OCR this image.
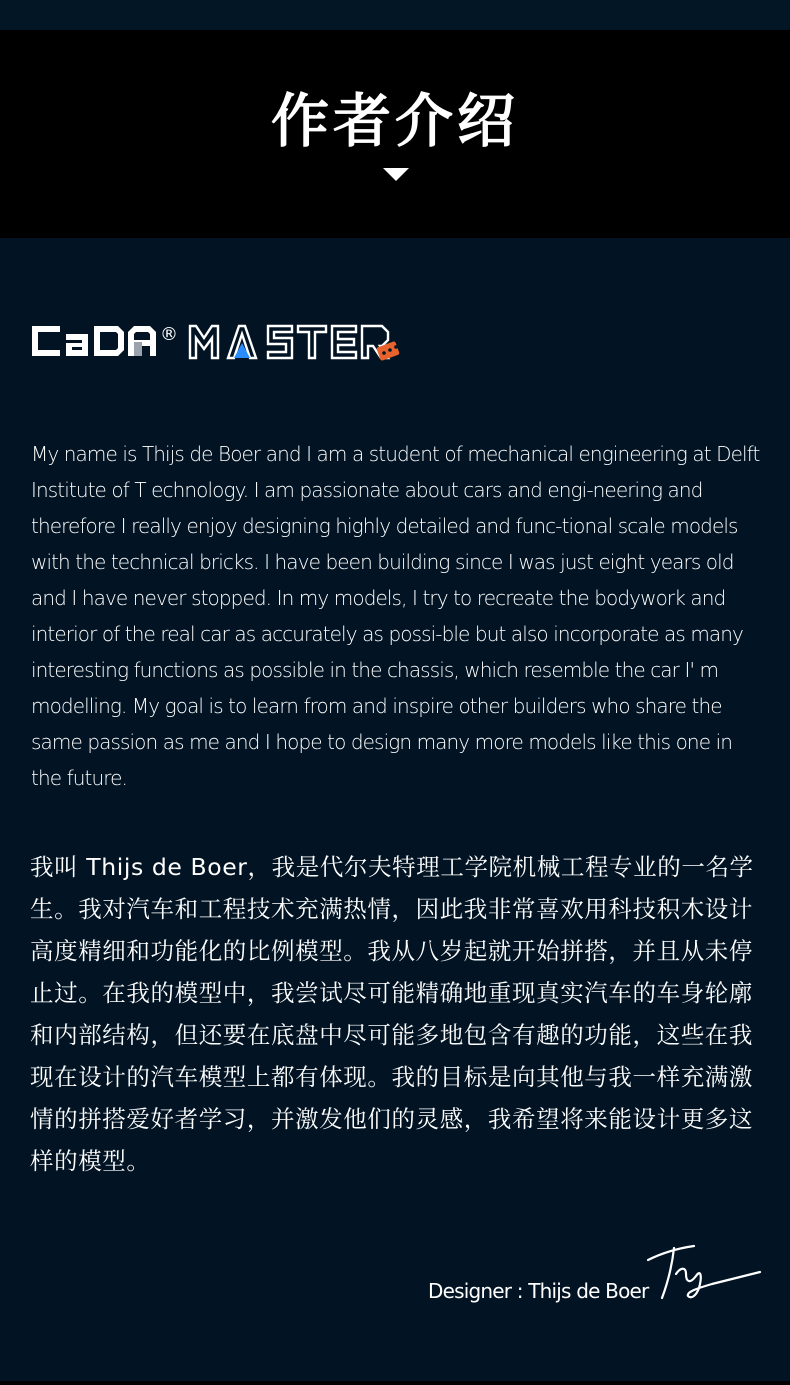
作者介绍
®
My name is Thijs de Boer and I am a student of mechanical engineering at Delft Institute of T echnology. I am passionate about cars and engi-neering and therefore I really enjoy designing highly detailed and func-tional scale models with the technical bricks. I have been building since I was just eight years old and I have never stopped. In my models, I try to recreate the bodywork and interior of the real car as accurately as possi-ble but also incorporate as many interesting functions as possible in the chassis, which resemble the car I' m modelling. My goal is to learn from and inspire other builders who share the same passion as me and I hope to design many more models like this one in the future.
我叫 Thijs de Boer，我是代尔夫特理工学院机械工程专业的一名学生。我对汽车和工程技术充满热情，因此我非常喜欢用科技积木设计高度精细和功能化的比例模型。我从八岁起就开始拼搭，并且从未停止过。在我的模型中，我尝试尽可能精确地重现真实汽车的车身轮廓和内部结构，但还要在底盘中尽可能多地包含有趣的功能，这些在我现在设计的汽车模型上都有体现。我的目标是向其他与我一样充满激情的拼搭爱好者学习，并激发他们的灵感，我希望将来能设计更多这样的模型。
Designer : Thijs de Boer
